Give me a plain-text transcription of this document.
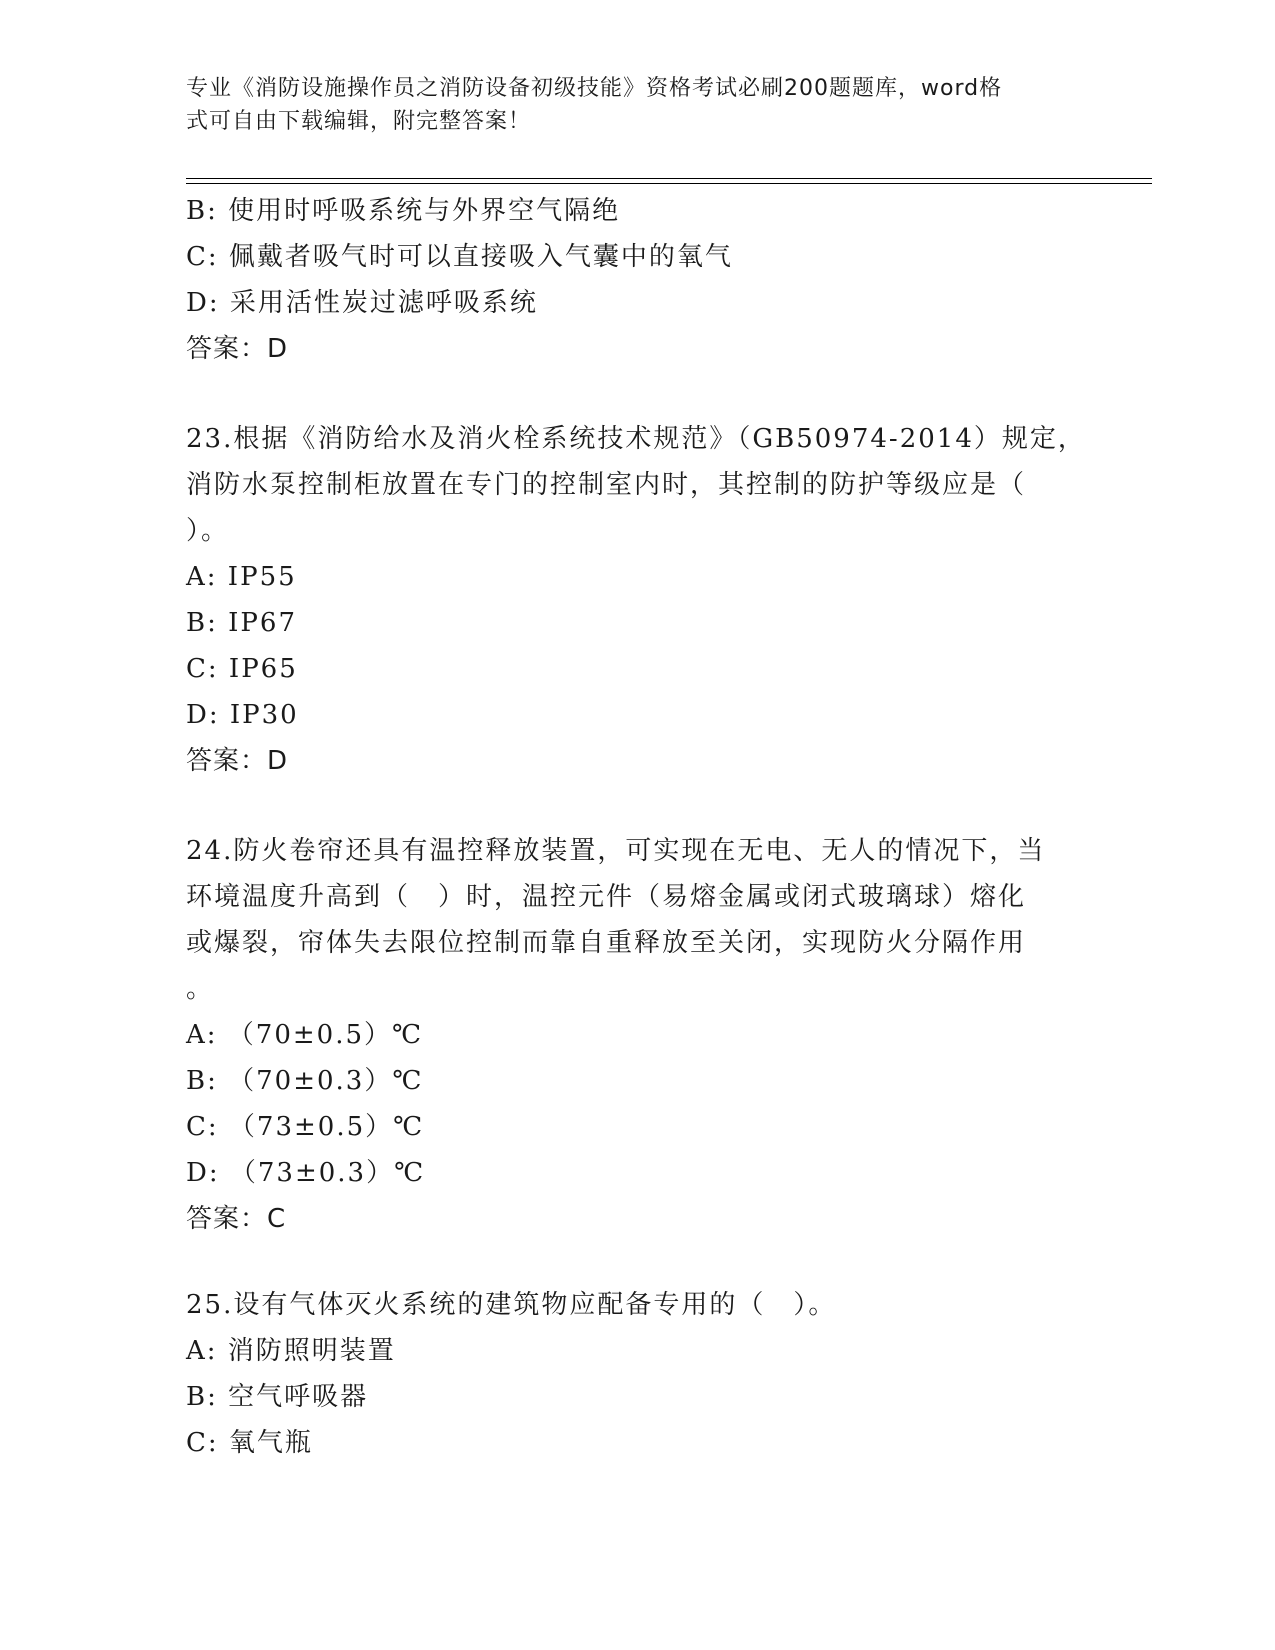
专业《消防设施操作员之消防设备初级技能》资格考试必刷200题题库，word格
式可自由下载编辑，附完整答案！
B: 使用时呼吸系统与外界空气隔绝
C: 佩戴者吸气时可以直接吸入气囊中的氧气
D: 采用活性炭过滤呼吸系统
答案：D
23.根据《消防给水及消火栓系统技术规范》（GB50974-2014）规定，
消防水泵控制柜放置在专门的控制室内时，其控制的防护等级应是（
）。
A: IP55
B: IP67
C: IP65
D: IP30
答案：D
24.防火卷帘还具有温控释放装置，可实现在无电、无人的情况下，当
环境温度升高到（　）时，温控元件（易熔金属或闭式玻璃球）熔化
或爆裂，帘体失去限位控制而靠自重释放至关闭，实现防火分隔作用
。
A: （70±0.5）℃
B: （70±0.3）℃
C: （73±0.5）℃
D: （73±0.3）℃
答案：C
25.设有气体灭火系统的建筑物应配备专用的（　）。
A: 消防照明装置
B: 空气呼吸器
C: 氧气瓶
